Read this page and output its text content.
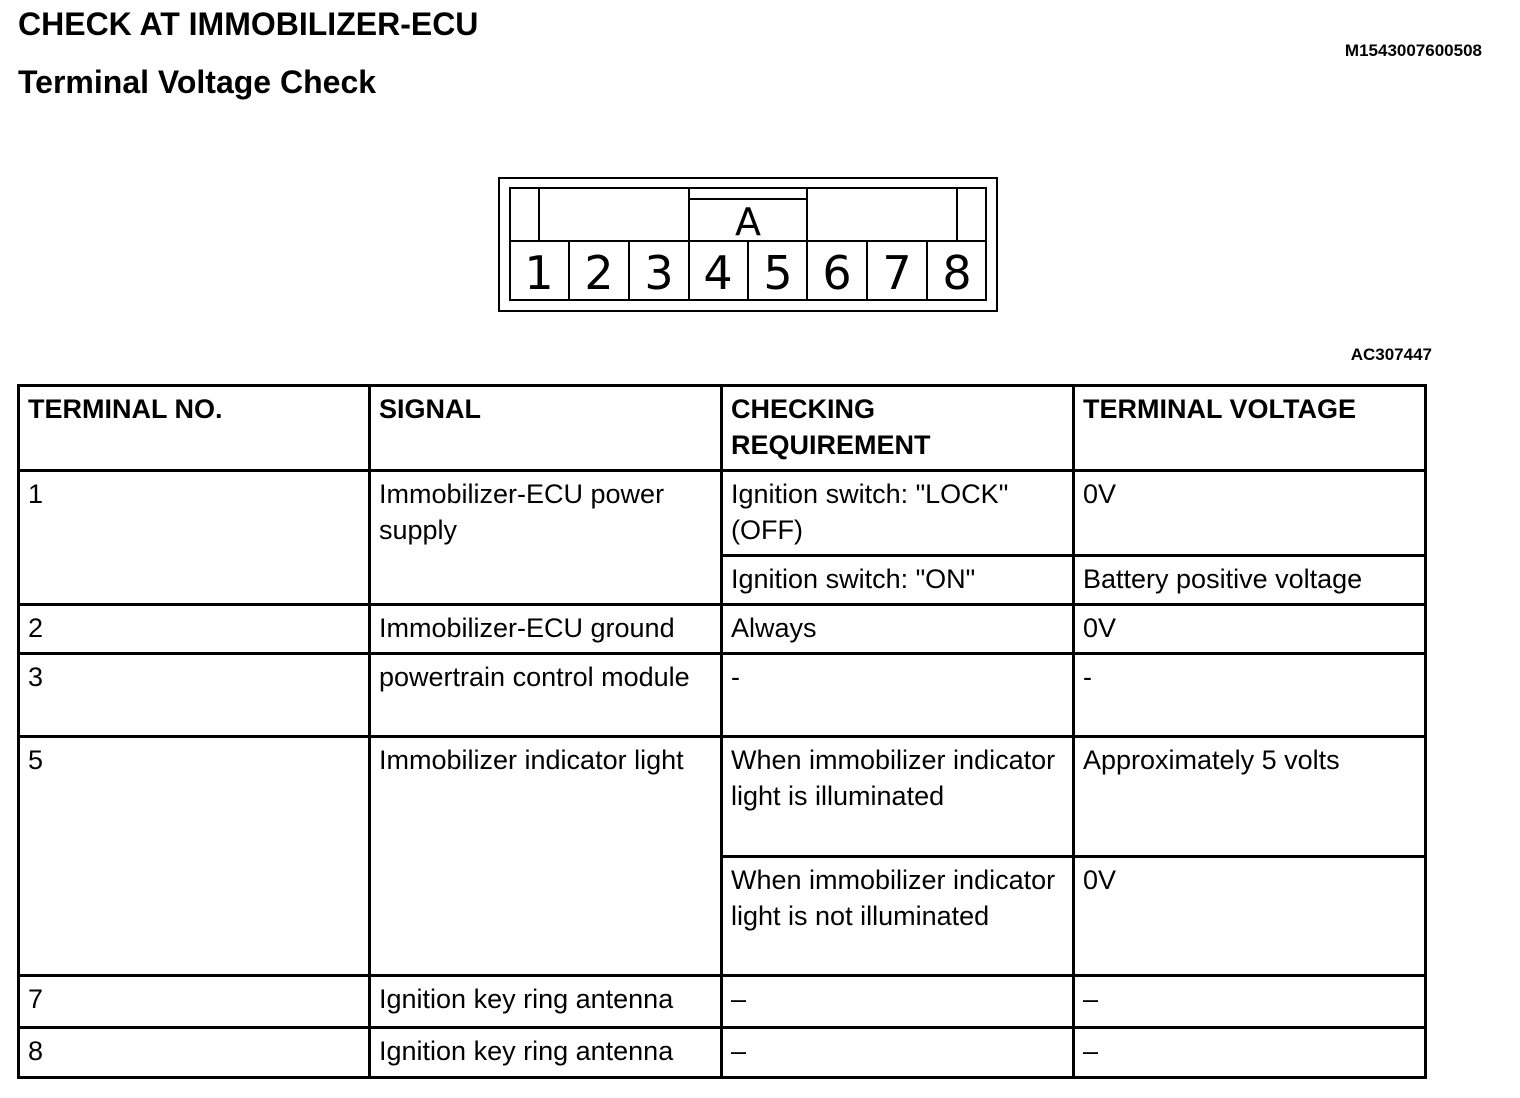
CHECK AT IMMOBILIZER-ECU
Terminal Voltage Check
M1543007600508
A
1 2 3 4 5 6 7 8
AC307447
TERMINAL NO.	SIGNAL	CHECKING REQUIREMENT	TERMINAL VOLTAGE
1	Immobilizer-ECU power supply	Ignition switch: "LOCK" (OFF)	0V
		Ignition switch: "ON"	Battery positive voltage
2	Immobilizer-ECU ground	Always	0V
3	powertrain control module	-	-
5	Immobilizer indicator light	When immobilizer indicator light is illuminated	Approximately 5 volts
		When immobilizer indicator light is not illuminated	0V
7	Ignition key ring antenna	–	–
8	Ignition key ring antenna	–	–
